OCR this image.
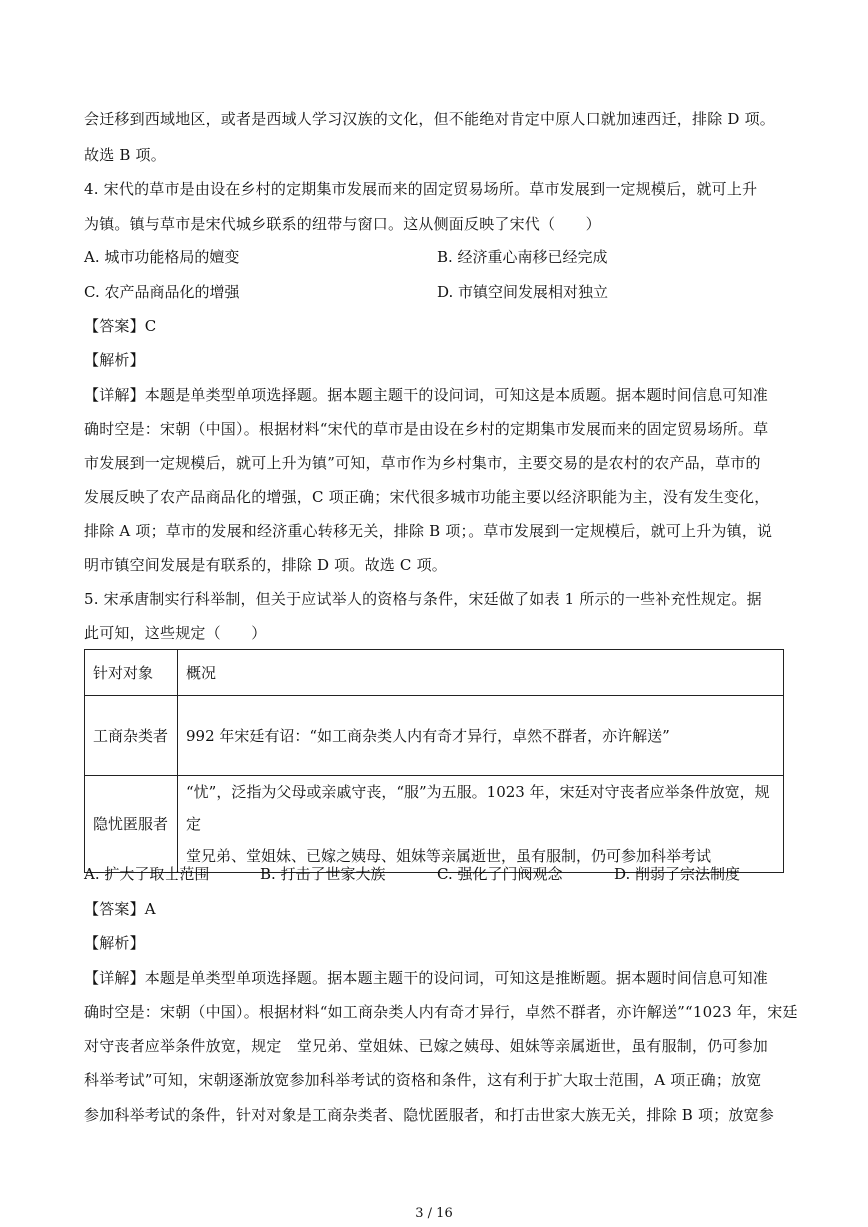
会迁移到西域地区，或者是西域人学习汉族的文化，但不能绝对肯定中原人口就加速西迁，排除 D 项。
故选 B 项。
4. 宋代的草市是由设在乡村的定期集市发展而来的固定贸易场所。草市发展到一定规模后，就可上升
为镇。镇与草市是宋代城乡联系的纽带与窗口。这从侧面反映了宋代（　　）
A. 城市功能格局的嬗变	B. 经济重心南移已经完成
C. 农产品商品化的增强	D. 市镇空间发展相对独立
【答案】C
【解析】
【详解】本题是单类型单项选择题。据本题主题干的设问词，可知这是本质题。据本题时间信息可知准
确时空是：宋朝（中国）。根据材料“宋代的草市是由设在乡村的定期集市发展而来的固定贸易场所。草
市发展到一定规模后，就可上升为镇”可知，草市作为乡村集市，主要交易的是农村的农产品，草市的
发展反映了农产品商品化的增强，C 项正确；宋代很多城市功能主要以经济职能为主，没有发生变化，
排除 A 项；草市的发展和经济重心转移无关，排除 B 项；。草市发展到一定规模后，就可上升为镇，说
明市镇空间发展是有联系的，排除 D 项。故选 C 项。
5. 宋承唐制实行科举制，但关于应试举人的资格与条件，宋廷做了如表 1 所示的一些补充性规定。据
此可知，这些规定（　　）
针对对象	概况
工商杂类者	992 年宋廷有诏：“如工商杂类人内有奇才异行，卓然不群者，亦许解送”
隐忧匿服者	“忧”，泛指为父母或亲戚守丧，“服”为五服。1023 年，宋廷对守丧者应举条件放宽，规定
堂兄弟、堂姐妹、已嫁之姨母、姐妹等亲属逝世，虽有服制，仍可参加科举考试
A. 扩大了取士范围	B. 打击了世家大族	C. 强化了门阀观念	D. 削弱了宗法制度
【答案】A
【解析】
【详解】本题是单类型单项选择题。据本题主题干的设问词，可知这是推断题。据本题时间信息可知准
确时空是：宋朝（中国）。根据材料“如工商杂类人内有奇才异行，卓然不群者，亦许解送”“1023 年，宋廷
对守丧者应举条件放宽，规定　堂兄弟、堂姐妹、已嫁之姨母、姐妹等亲属逝世，虽有服制，仍可参加
科举考试”可知，宋朝逐渐放宽参加科举考试的资格和条件，这有利于扩大取士范围，A 项正确；放宽
参加科举考试的条件，针对对象是工商杂类者、隐忧匿服者，和打击世家大族无关，排除 B 项；放宽参
3 / 16
